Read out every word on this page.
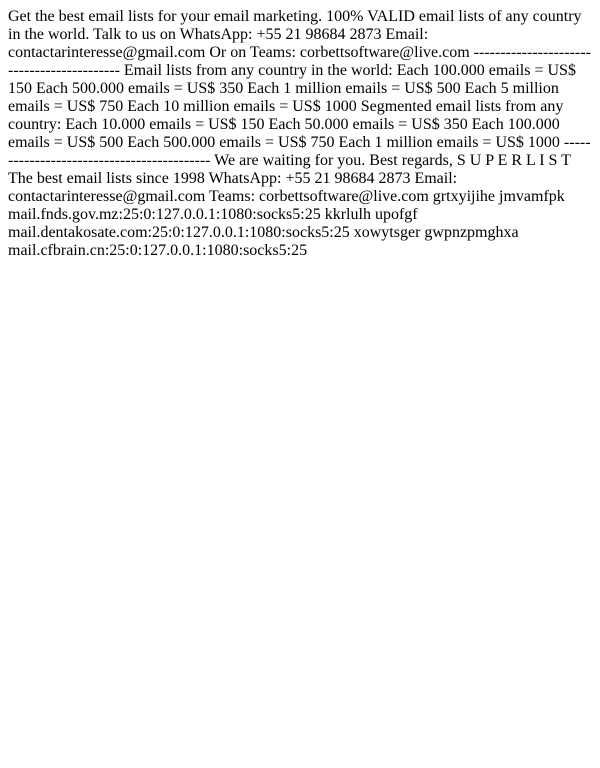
Get the best email lists for your email marketing. 100% VALID email lists of any country in the world. Talk to us on WhatsApp: +55 21 98684 2873 Email: contactarinteresse@gmail.com Or on Teams: corbettsoftware@live.com ------------------------------------------- Email lists from any country in the world: Each 100.000 emails = US$ 150 Each 500.000 emails = US$ 350 Each 1 million emails = US$ 500 Each 5 million emails = US$ 750 Each 10 million emails = US$ 1000 Segmented email lists from any country: Each 10.000 emails = US$ 150 Each 50.000 emails = US$ 350 Each 100.000 emails = US$ 500 Each 500.000 emails = US$ 750 Each 1 million emails = US$ 1000 ------------------------------------------- We are waiting for you. Best regards, S U P E R L I S T The best email lists since 1998 WhatsApp: +55 21 98684 2873 Email: contactarinteresse@gmail.com Teams: corbettsoftware@live.com grtxyijihe jmvamfpk mail.fnds.gov.mz:25:0:127.0.0.1:1080:socks5:25 kkrlulh upofgf mail.dentakosate.com:25:0:127.0.0.1:1080:socks5:25 xowytsger gwpnzpmghxa mail.cfbrain.cn:25:0:127.0.0.1:1080:socks5:25
